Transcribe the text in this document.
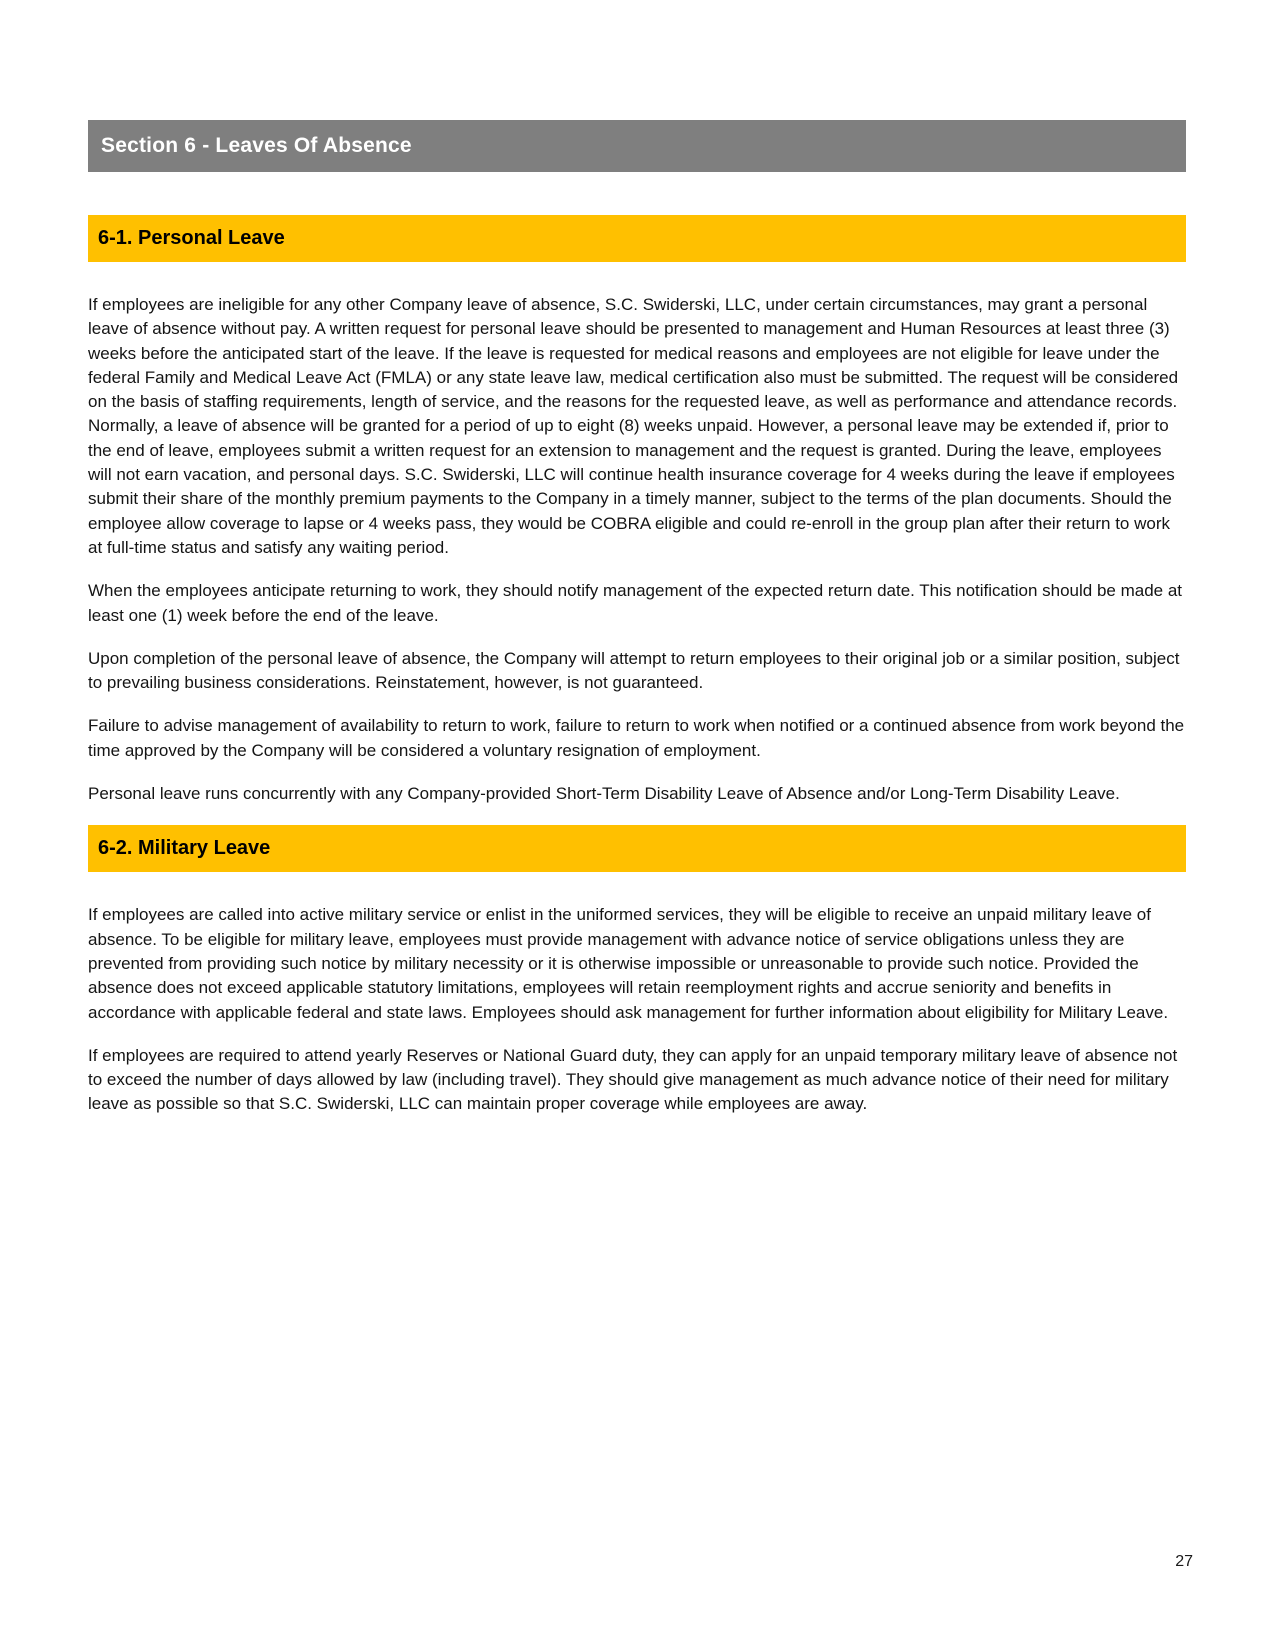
Section 6 - Leaves Of Absence
6-1. Personal Leave

If employees are ineligible for any other Company leave of absence, S.C. Swiderski, LLC, under certain circumstances, may grant a personal leave of absence without pay. A written request for personal leave should be presented to management and Human Resources at least three (3) weeks before the anticipated start of the leave. If the leave is requested for medical reasons and employees are not eligible for leave under the federal Family and Medical Leave Act (FMLA) or any state leave law, medical certification also must be submitted. The request will be considered on the basis of staffing requirements, length of service, and the reasons for the requested leave, as well as performance and attendance records. Normally, a leave of absence will be granted for a period of up to eight (8) weeks unpaid. However, a personal leave may be extended if, prior to the end of leave, employees submit a written request for an extension to management and the request is granted. During the leave, employees will not earn vacation, and personal days. S.C. Swiderski, LLC will continue health insurance coverage for 4 weeks during the leave if employees submit their share of the monthly premium payments to the Company in a timely manner, subject to the terms of the plan documents. Should the employee allow coverage to lapse or 4 weeks pass, they would be COBRA eligible and could re-enroll in the group plan after their return to work at full-time status and satisfy any waiting period.

When the employees anticipate returning to work, they should notify management of the expected return date. This notification should be made at least one (1) week before the end of the leave.

Upon completion of the personal leave of absence, the Company will attempt to return employees to their original job or a similar position, subject to prevailing business considerations. Reinstatement, however, is not guaranteed.

Failure to advise management of availability to return to work, failure to return to work when notified or a continued absence from work beyond the time approved by the Company will be considered a voluntary resignation of employment.

Personal leave runs concurrently with any Company-provided Short-Term Disability Leave of Absence and/or Long-Term Disability Leave.

6-2. Military Leave

If employees are called into active military service or enlist in the uniformed services, they will be eligible to receive an unpaid military leave of absence. To be eligible for military leave, employees must provide management with advance notice of service obligations unless they are prevented from providing such notice by military necessity or it is otherwise impossible or unreasonable to provide such notice. Provided the absence does not exceed applicable statutory limitations, employees will retain reemployment rights and accrue seniority and benefits in accordance with applicable federal and state laws. Employees should ask management for further information about eligibility for Military Leave.

If employees are required to attend yearly Reserves or National Guard duty, they can apply for an unpaid temporary military leave of absence not to exceed the number of days allowed by law (including travel). They should give management as much advance notice of their need for military leave as possible so that S.C. Swiderski, LLC can maintain proper coverage while employees are away.

27
